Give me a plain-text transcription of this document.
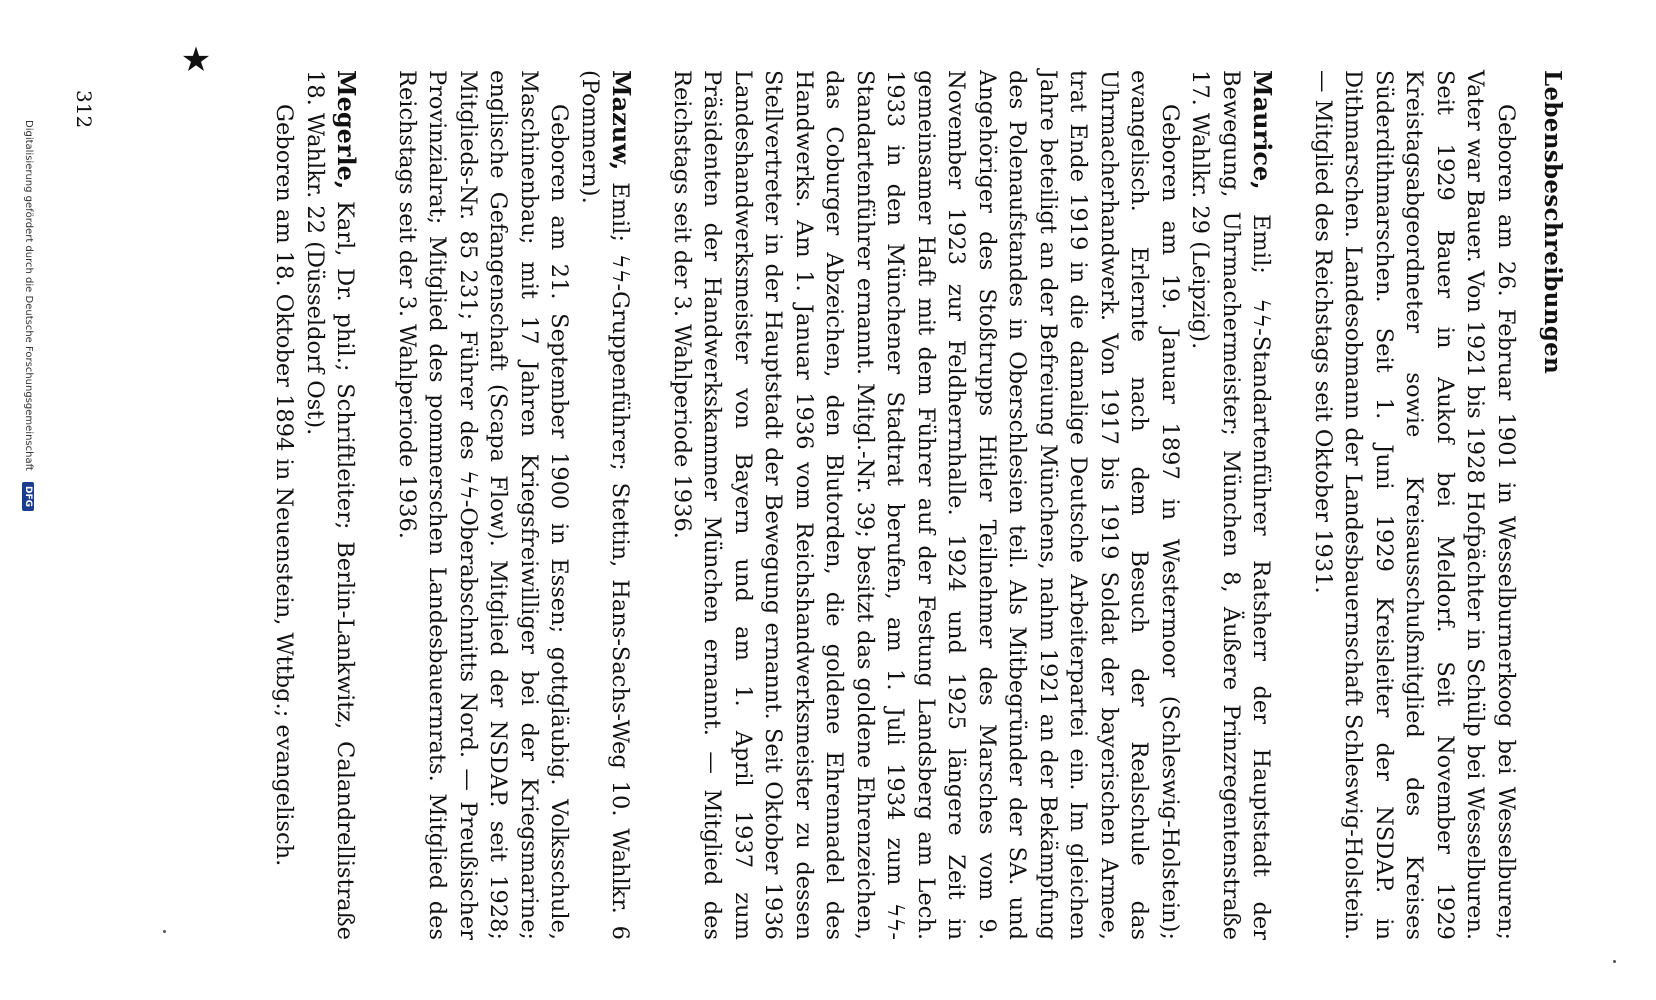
Lebensbeschreibungen

Geboren am 26. Februar 1901 in Wesselburnerkoog bei Wesselburen; Vater war Bauer. Von 1921 bis 1928 Hofpächter in Schülp bei Wesselburen. Seit 1929 Bauer in Aukof bei Meldorf. Seit November 1929 Kreistagsabgeordneter sowie Kreisausschußmitglied des Kreises Süderdithmarschen. Seit 1. Juni 1929 Kreisleiter der NSDAP. in Dithmarschen. Landesobmann der Landesbauernschaft Schleswig-Holstein. — Mitglied des Reichstags seit Oktober 1931.

Maurice, Emil; ϟϟ-Standartenführer Ratsherr der Hauptstadt der Bewegung, Uhrmachermeister; München 8, Äußere Prinzregentenstraße 17. Wahlkr. 29 (Leipzig).

Geboren am 19. Januar 1897 in Westermoor (Schleswig-Holstein); evangelisch. Erlernte nach dem Besuch der Realschule das Uhrmacherhandwerk. Von 1917 bis 1919 Soldat der bayerischen Armee, trat Ende 1919 in die damalige Deutsche Arbeiterpartei ein. Im gleichen Jahre beteiligt an der Befreiung Münchens, nahm 1921 an der Bekämpfung des Polenaufstandes in Oberschlesien teil. Als Mitbegründer der SA. und Angehöriger des Stoßtrupps Hitler Teilnehmer des Marsches vom 9. November 1923 zur Feldherrnhalle. 1924 und 1925 längere Zeit in gemeinsamer Haft mit dem Führer auf der Festung Landsberg am Lech. 1933 in den Münchener Stadtrat berufen, am 1. Juli 1934 zum ϟϟ-Standartenführer ernannt. Mitgl.-Nr. 39; besitzt das goldene Ehrenzeichen, das Coburger Abzeichen, den Blutorden, die goldene Ehrennadel des Handwerks. Am 1. Januar 1936 vom Reichshandwerksmeister zu dessen Stellvertreter in der Hauptstadt der Bewegung ernannt. Seit Oktober 1936 Landeshandwerksmeister von Bayern und am 1. April 1937 zum Präsidenten der Handwerkskammer München ernannt. — Mitglied des Reichstags seit der 3. Wahlperiode 1936.

Mazuw, Emil; ϟϟ-Gruppenführer; Stettin, Hans-Sachs-Weg 10. Wahlkr. 6 (Pommern).

Geboren am 21. September 1900 in Essen; gottgläubig. Volksschule, Maschinenbau; mit 17 Jahren Kriegsfreiwilliger bei der Kriegsmarine; englische Gefangenschaft (Scapa Flow). Mitglied der NSDAP. seit 1928; Mitglieds-Nr. 85 231; Führer des ϟϟ-Oberabschnitts Nord. — Preußischer Provinzialrat; Mitglied des pommerschen Landesbauernrats. Mitglied des Reichstags seit der 3. Wahlperiode 1936.

Megerle, Karl, Dr. phil.; Schriftleiter; Berlin-Lankwitz, Calandrellistraße 18. Wahlkr. 22 (Düsseldorf Ost).

Geboren am 18. Oktober 1894 in Neuenstein, Wttbg.; evangelisch.

★
312
Digitalisierung gefördert durch die Deutsche Forschungsgemeinschaft DFG
